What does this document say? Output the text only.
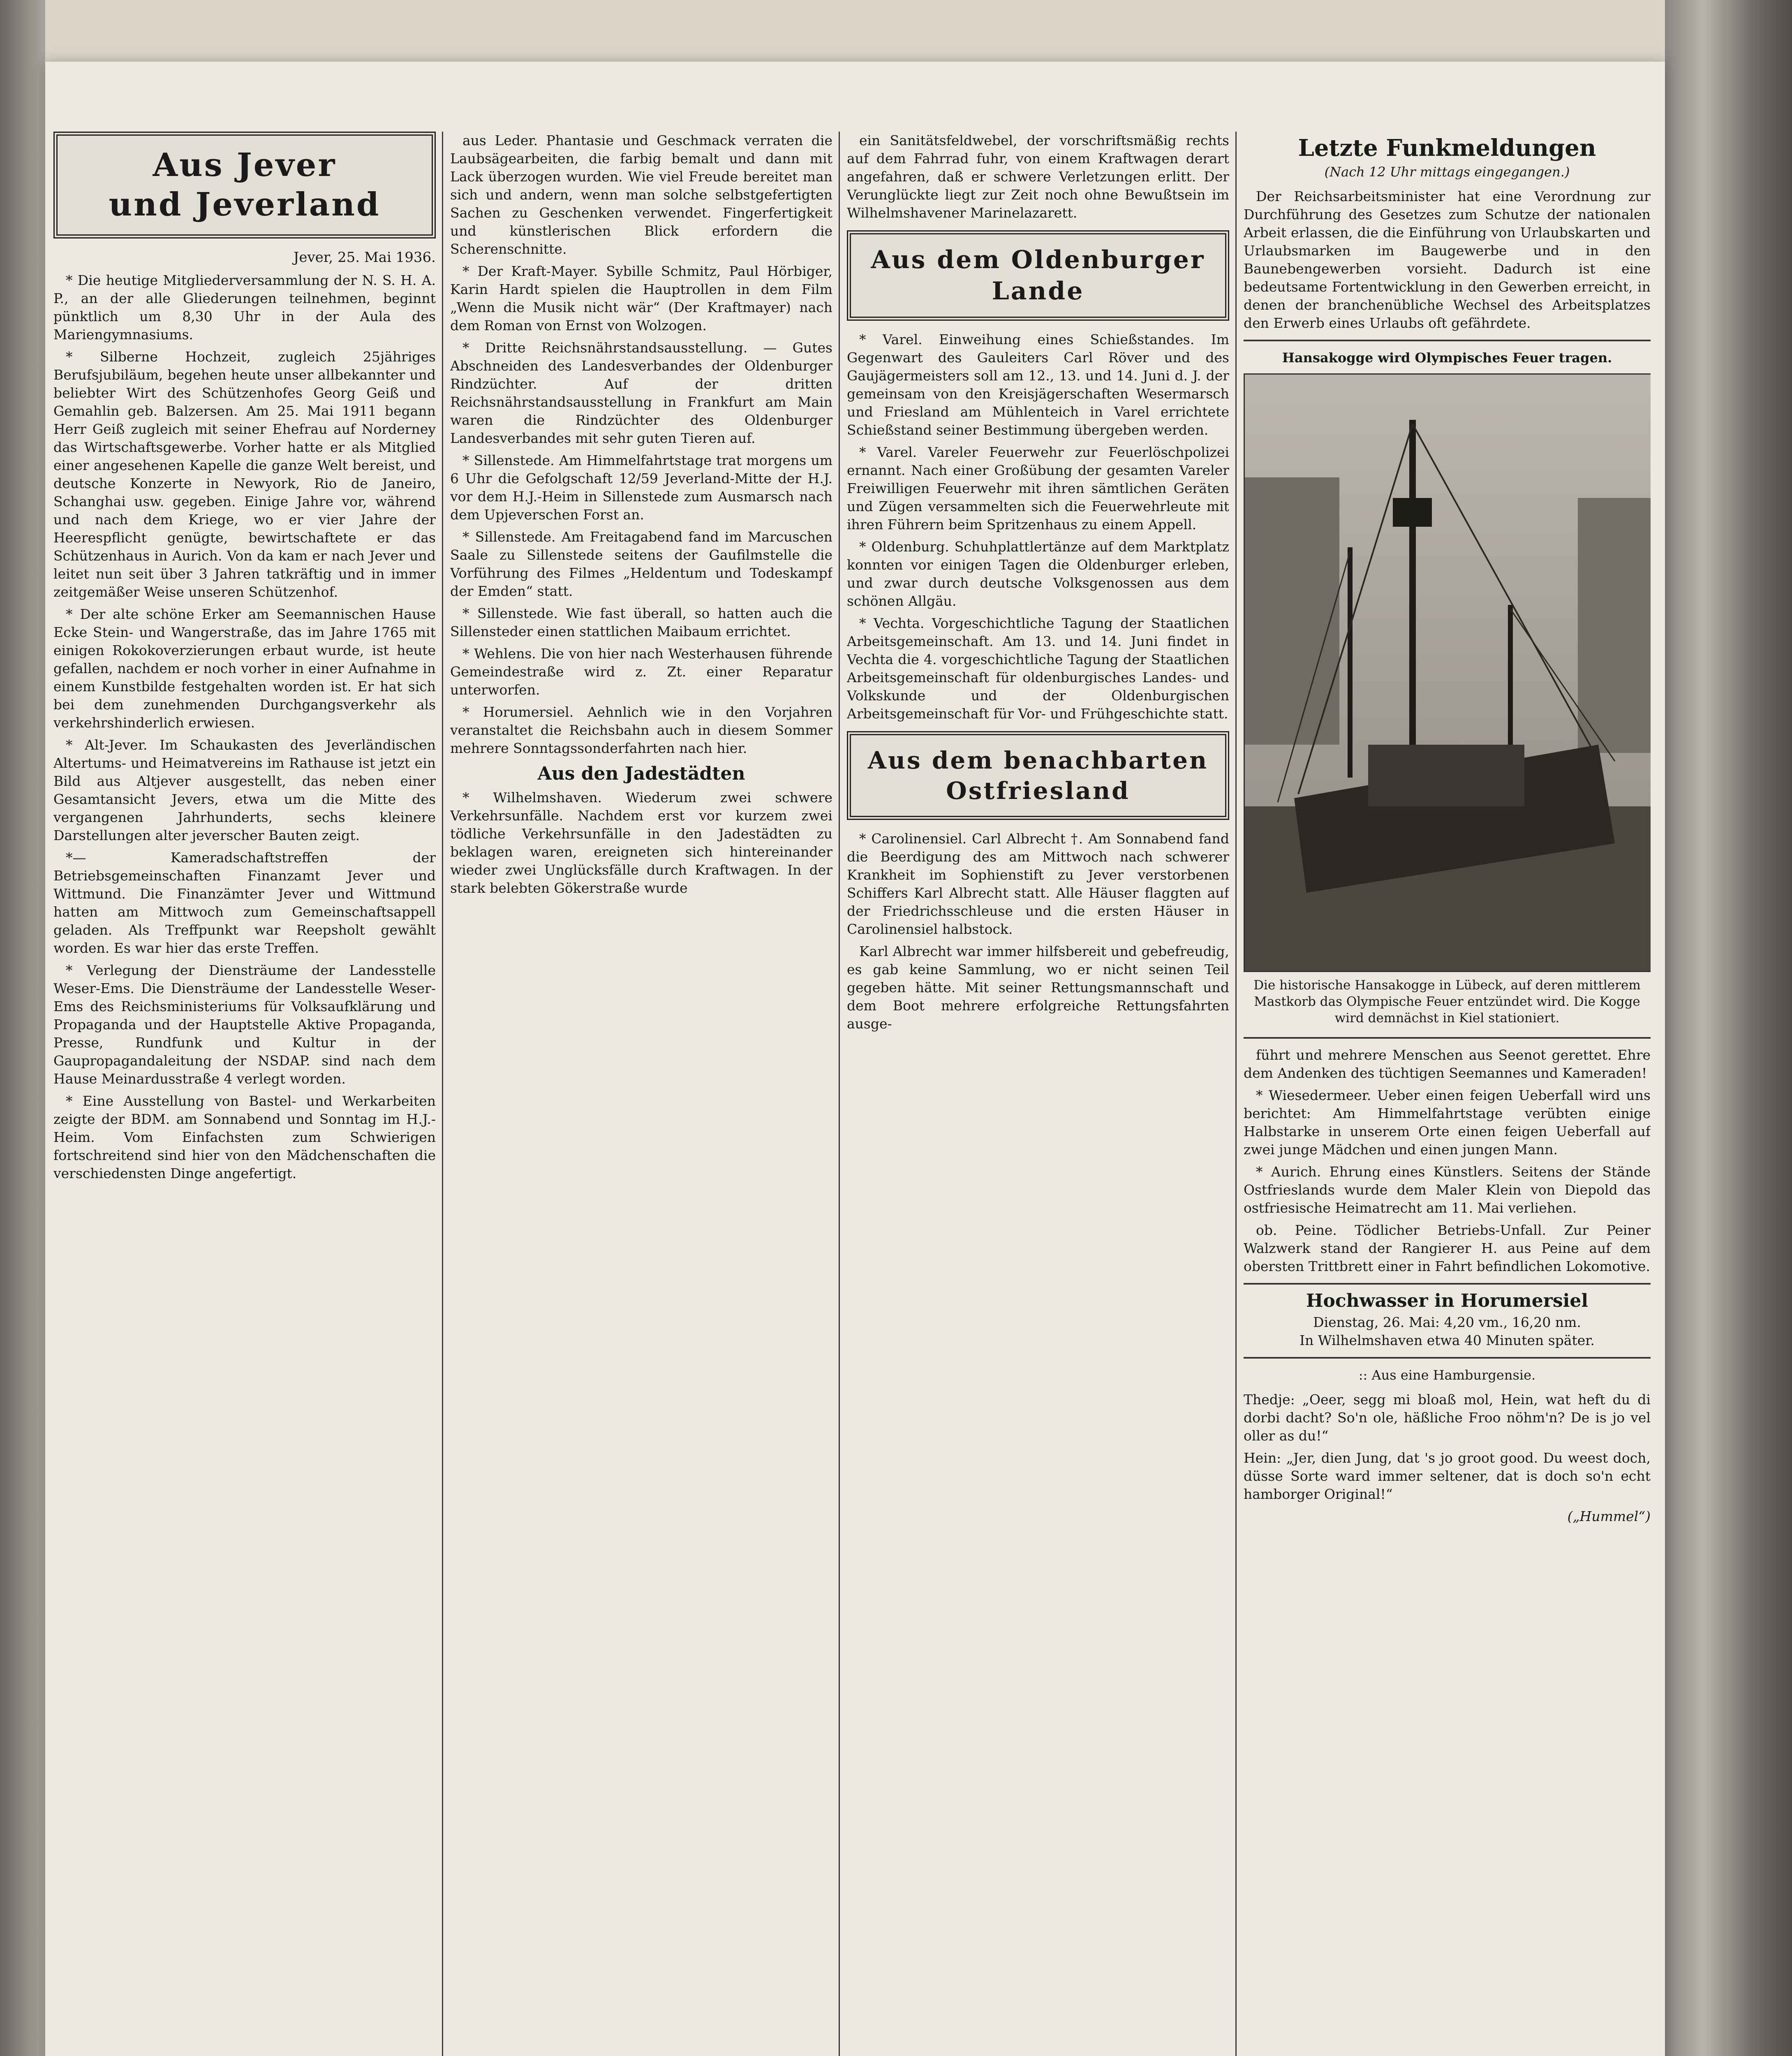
Aus Jever
und Jeverland
Jever, 25. Mai 1936.

* Die heutige Mitgliederversammlung der N. S. H. A. P., an der alle Gliederungen teilnehmen, beginnt pünktlich um 8,30 Uhr in der Aula des Mariengymnasiums.

* Silberne Hochzeit, zugleich 25jähriges Berufsjubiläum, begehen heute unser allbekannter und beliebter Wirt des Schützenhofes Georg Geiß und Gemahlin geb. Balzersen. Am 25. Mai 1911 begann Herr Geiß zugleich mit seiner Ehefrau auf Norderney das Wirtschaftsgewerbe. Vorher hatte er als Mitglied einer angesehenen Kapelle die ganze Welt bereist, und deutsche Konzerte in Newyork, Rio de Janeiro, Schanghai usw. gegeben. Einige Jahre vor, während und nach dem Kriege, wo er vier Jahre der Heerespflicht genügte, bewirtschaftete er das Schützenhaus in Aurich. Von da kam er nach Jever und leitet nun seit über 3 Jahren tatkräftig und in immer zeitgemäßer Weise unseren Schützenhof.

* Der alte schöne Erker am Seemannischen Hause Ecke Stein- und Wangerstraße, das im Jahre 1765 mit einigen Rokokoverzierungen erbaut wurde, ist heute gefallen, nachdem er noch vorher in einer Aufnahme in einem Kunstbilde festgehalten worden ist. Er hat sich bei dem zunehmenden Durchgangsverkehr als verkehrshinderlich erwiesen.

* Alt-Jever. Im Schaukasten des Jeverländischen Altertums- und Heimatvereins im Rathause ist jetzt ein Bild aus Altjever ausgestellt, das neben einer Gesamtansicht Jevers, etwa um die Mitte des vergangenen Jahrhunderts, sechs kleinere Darstellungen alter jeverscher Bauten zeigt.

*— Kameradschaftstreffen der Betriebsgemeinschaften Finanzamt Jever und Wittmund. Die Finanzämter Jever und Wittmund hatten am Mittwoch zum Gemeinschaftsappell geladen. Als Treffpunkt war Reepsholt gewählt worden. Es war hier das erste Treffen.

* Verlegung der Diensträume der Landesstelle Weser-Ems. Die Diensträume der Landesstelle Weser-Ems des Reichsministeriums für Volksaufklärung und Propaganda und der Hauptstelle Aktive Propaganda, Presse, Rundfunk und Kultur in der Gaupropagandaleitung der NSDAP. sind nach dem Hause Meinardusstraße 4 verlegt worden.

* Eine Ausstellung von Bastel- und Werkarbeiten zeigte der BDM. am Sonnabend und Sonntag im H.J.-Heim. Vom Einfachsten zum Schwierigen fortschreitend sind hier von den Mädchenschaften die verschiedensten Dinge angefertigt.

aus Leder. Phantasie und Geschmack verraten die Laubsägearbeiten, die farbig bemalt und dann mit Lack überzogen wurden. Wie viel Freude bereitet man sich und andern, wenn man solche selbstgefertigten Sachen zu Geschenken verwendet. Fingerfertigkeit und künstlerischen Blick erfordern die Scherenschnitte.

* Der Kraft-Mayer. Sybille Schmitz, Paul Hörbiger, Karin Hardt spielen die Hauptrollen in dem Film „Wenn die Musik nicht wär“ (Der Kraftmayer) nach dem Roman von Ernst von Wolzogen.

* Dritte Reichsnährstandsausstellung. — Gutes Abschneiden des Landesverbandes der Oldenburger Rindzüchter. Auf der dritten Reichsnährstandsausstellung in Frankfurt am Main waren die Rindzüchter des Oldenburger Landesverbandes mit sehr guten Tieren auf.

* Sillenstede. Am Himmelfahrtstage trat morgens um 6 Uhr die Gefolgschaft 12/59 Jeverland-Mitte der H.J. vor dem H.J.-Heim in Sillenstede zum Ausmarsch nach dem Upjeverschen Forst an.

* Sillenstede. Am Freitagabend fand im Marcuschen Saale zu Sillenstede seitens der Gaufilmstelle die Vorführung des Filmes „Heldentum und Todeskampf der Emden“ statt.

* Sillenstede. Wie fast überall, so hatten auch die Sillensteder einen stattlichen Maibaum errichtet.

* Wehlens. Die von hier nach Westerhausen führende Gemeindestraße wird z. Zt. einer Reparatur unterworfen.

* Horumersiel. Aehnlich wie in den Vorjahren veranstaltet die Reichsbahn auch in diesem Sommer mehrere Sonntagssonderfahrten nach hier.

Aus den Jadestädten

* Wilhelmshaven. Wiederum zwei schwere Verkehrsunfälle. Nachdem erst vor kurzem zwei tödliche Verkehrsunfälle in den Jadestädten zu beklagen waren, ereigneten sich hintereinander wieder zwei Unglücksfälle durch Kraftwagen. In der stark belebten Gökerstraße wurde

ein Sanitätsfeldwebel, der vorschriftsmäßig rechts auf dem Fahrrad fuhr, von einem Kraftwagen derart angefahren, daß er schwere Verletzungen erlitt. Der Verunglückte liegt zur Zeit noch ohne Bewußtsein im Wilhelmshavener Marinelazarett.

Aus dem Oldenburger
Lande

* Varel. Einweihung eines Schießstandes. Im Gegenwart des Gauleiters Carl Röver und des Gaujägermeisters soll am 12., 13. und 14. Juni d. J. der gemeinsam von den Kreisjägerschaften Wesermarsch und Friesland am Mühlenteich in Varel errichtete Schießstand seiner Bestimmung übergeben werden.

* Varel. Vareler Feuerwehr zur Feuerlöschpolizei ernannt. Nach einer Großübung der gesamten Vareler Freiwilligen Feuerwehr mit ihren sämtlichen Geräten und Zügen versammelten sich die Feuerwehrleute mit ihren Führern beim Spritzenhaus zu einem Appell.

* Oldenburg. Schuhplattlertänze auf dem Marktplatz konnten vor einigen Tagen die Oldenburger erleben, und zwar durch deutsche Volksgenossen aus dem schönen Allgäu.

* Vechta. Vorgeschichtliche Tagung der Staatlichen Arbeitsgemeinschaft. Am 13. und 14. Juni findet in Vechta die 4. vorgeschichtliche Tagung der Staatlichen Arbeitsgemeinschaft für oldenburgisches Landes- und Volkskunde und der Oldenburgischen Arbeitsgemeinschaft für Vor- und Frühgeschichte statt.

Aus dem benachbarten
Ostfriesland

* Carolinensiel. Carl Albrecht †. Am Sonnabend fand die Beerdigung des am Mittwoch nach schwerer Krankheit im Sophienstift zu Jever verstorbenen Schiffers Karl Albrecht statt. Alle Häuser flaggten auf der Friedrichsschleuse und die ersten Häuser in Carolinensiel halbstock.

Karl Albrecht war immer hilfsbereit und gebefreudig, es gab keine Sammlung, wo er nicht seinen Teil gegeben hätte. Mit seiner Rettungsmannschaft und dem Boot mehrere erfolgreiche Rettungsfahrten ausge-

Letzte Funkmeldungen
(Nach 12 Uhr mittags eingegangen.)

Der Reichsarbeitsminister hat eine Verordnung zur Durchführung des Gesetzes zum Schutze der nationalen Arbeit erlassen, die die Einführung von Urlaubskarten und Urlaubsmarken im Baugewerbe und in den Baunebengewerben vorsieht. Dadurch ist eine bedeutsame Fortentwicklung in den Gewerben erreicht, in denen der branchenübliche Wechsel des Arbeitsplatzes den Erwerb eines Urlaubs oft gefährdete.

Hansakogge wird Olympisches Feuer tragen.
Die historische Hansakogge in Lübeck, auf deren mittlerem Mastkorb das Olympische Feuer entzündet wird. Die Kogge wird demnächst in Kiel stationiert.

führt und mehrere Menschen aus Seenot gerettet. Ehre dem Andenken des tüchtigen Seemannes und Kameraden!

* Wiesedermeer. Ueber einen feigen Ueberfall wird uns berichtet: Am Himmelfahrtstage verübten einige Halbstarke in unserem Orte einen feigen Ueberfall auf zwei junge Mädchen und einen jungen Mann.

* Aurich. Ehrung eines Künstlers. Seitens der Stände Ostfrieslands wurde dem Maler Klein von Diepold das ostfriesische Heimatrecht am 11. Mai verliehen.

ob. Peine. Tödlicher Betriebs-Unfall. Zur Peiner Walzwerk stand der Rangierer H. aus Peine auf dem obersten Trittbrett einer in Fahrt befindlichen Lokomotive.

Hochwasser in Horumersiel
Dienstag, 26. Mai: 4,20 vm., 16,20 nm.
In Wilhelmshaven etwa 40 Minuten später.
:: Aus eine Hamburgensie.

Thedje: „Oeer, segg mi bloaß mol, Hein, wat heft du di dorbi dacht? So'n ole, häßliche Froo nöhm'n? De is jo vel oller as du!“

Hein: „Jer, dien Jung, dat 's jo groot good. Du weest doch, düsse Sorte ward immer seltener, dat is doch so'n echt hamborger Original!“

(„Hummel“)
